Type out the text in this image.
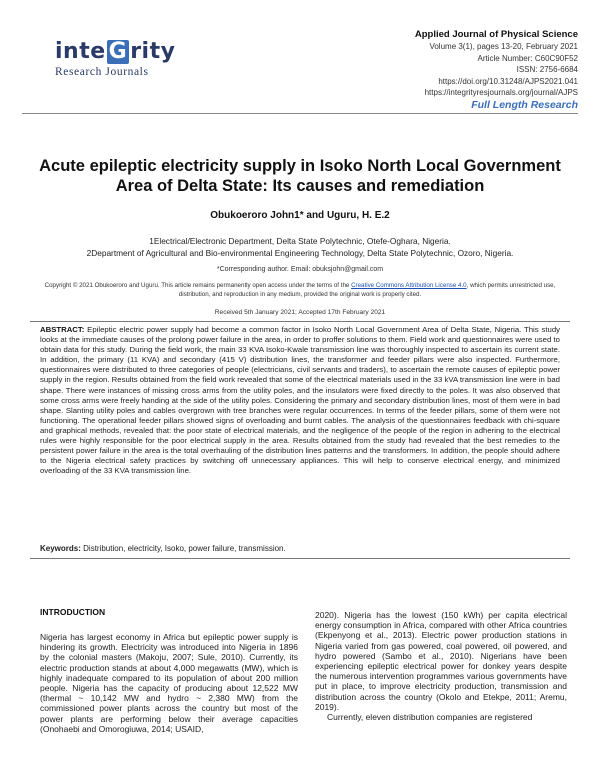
inte G rity
Research Journals
Applied Journal of Physical Science
Volume 3(1), pages 13-20, February 2021
Article Number: C60C90F52
ISSN: 2756-6684
https://doi.org/10.31248/AJPS2021.041
https://integrityresjournals.org/journal/AJPS
Full Length Research
Acute epileptic electricity supply in Isoko North Local Government Area of Delta State: Its causes and remediation
Obukoeroro John1* and Uguru, H. E.2
1Electrical/Electronic Department, Delta State Polytechnic, Otefe-Oghara, Nigeria.
2Department of Agricultural and Bio-environmental Engineering Technology, Delta State Polytechnic, Ozoro, Nigeria.
*Corresponding author. Email: obuksjohn@gmail.com
Copyright © 2021 Obukoeroro and Uguru. This article remains permanently open access under the terms of the Creative Commons Attribution License 4.0, which permits unrestricted use, distribution, and reproduction in any medium, provided the original work is properly cited.
Received 5th January 2021; Accepted 17th February 2021
ABSTRACT: Epileptic electric power supply had become a common factor in Isoko North Local Government Area of Delta State, Nigeria. This study looks at the immediate causes of the prolong power failure in the area, in order to proffer solutions to them. Field work and questionnaires were used to obtain data for this study. During the field work, the main 33 KVA Isoko-Kwale transmission line was thoroughly inspected to ascertain its current state. In addition, the primary (11 KVA) and secondary (415 V) distribution lines, the transformer and feeder pillars were also inspected. Furthermore, questionnaires were distributed to three categories of people (electricians, civil servants and traders), to ascertain the remote causes of epileptic power supply in the region. Results obtained from the field work revealed that some of the electrical materials used in the 33 kVA transmission line were in bad shape. There were instances of missing cross arms from the utility poles, and the insulators were fixed directly to the poles. It was also observed that some cross arms were freely handing at the side of the utility poles. Considering the primary and secondary distribution lines, most of them were in bad shape. Slanting utility poles and cables overgrown with tree branches were regular occurrences. In terms of the feeder pillars, some of them were not functioning. The operational feeder pillars showed signs of overloading and burnt cables. The analysis of the questionnaires feedback with chi-square and graphical methods, revealed that: the poor state of electrical materials, and the negligence of the people of the region in adhering to the electrical rules were highly responsible for the poor electrical supply in the area. Results obtained from the study had revealed that the best remedies to the persistent power failure in the area is the total overhauling of the distribution lines patterns and the transformers. In addition, the people should adhere to the Nigeria electrical safety practices by switching off unnecessary appliances. This will help to conserve electrical energy, and minimized overloading of the 33 KVA transmission line.
Keywords: Distribution, electricity, Isoko, power failure, transmission.
INTRODUCTION
Nigeria has largest economy in Africa but epileptic power supply is hindering its growth. Electricity was introduced into Nigeria in 1896 by the colonial masters (Makoju, 2007; Sule, 2010). Currently, its electric production stands at about 4,000 megawatts (MW), which is highly inadequate compared to its population of about 200 million people. Nigeria has the capacity of producing about 12,522 MW (thermal ~ 10,142 MW and hydro ~ 2,380 MW) from the commissioned power plants across the country but most of the power plants are performing below their average capacities (Onohaebi and Omorogiuwa, 2014; USAID,

2020). Nigeria has the lowest (150 kWh) per capita electrical energy consumption in Africa, compared with other Africa countries (Ekpenyong et al., 2013). Electric power production stations in Nigeria varied from gas powered, coal powered, oil powered, and hydro powered (Sambo et al., 2010). Nigerians have been experiencing epileptic electrical power for donkey years despite the numerous intervention programmes various governments have put in place, to improve electricity production, transmission and distribution across the country (Okolo and Etekpe, 2011; Aremu, 2019).

Currently, eleven distribution companies are registered
